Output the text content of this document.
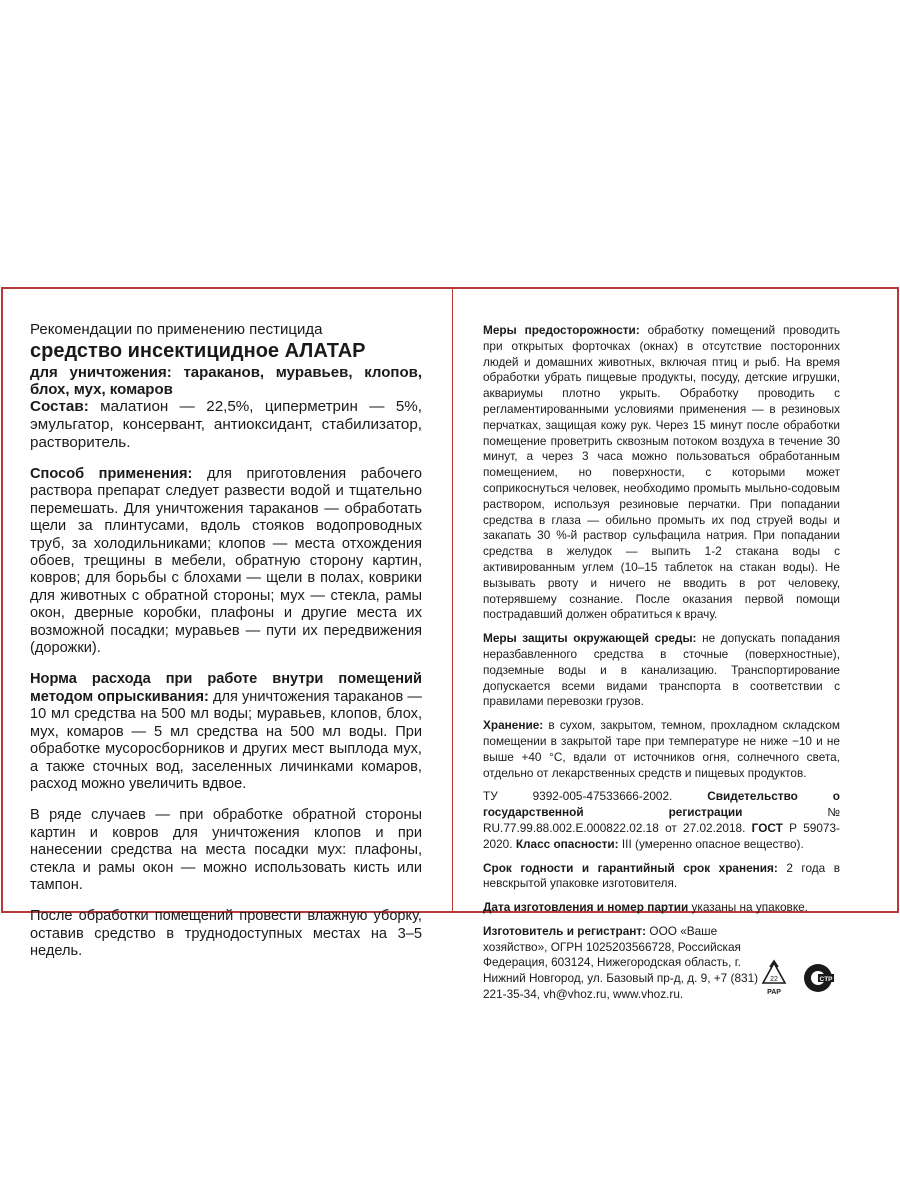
Рекомендации по применению пестицида

средство инсектицидное АЛАТАР

для уничтожения: тараканов, муравьев, клопов, блох, мух, комаров

Состав: малатион — 22,5%, циперметрин — 5%, эмульгатор, консервант, антиоксидант, стабилизатор, растворитель.

Способ применения: для приготовления рабочего раствора препарат следует развести водой и тщательно перемешать. Для уничтожения тараканов — обработать щели за плинтусами, вдоль стояков водопроводных труб, за холодильниками; клопов — места отхождения обоев, трещины в мебели, обратную сторону картин, ковров; для борьбы с блохами — щели в полах, коврики для животных с обратной стороны; мух — стекла, рамы окон, дверные коробки, плафоны и другие места их возможной посадки; муравьев — пути их передвижения (дорожки).

Норма расхода при работе внутри помещений методом опрыскивания: для уничтожения тараканов — 10 мл средства на 500 мл воды; муравьев, клопов, блох, мух, комаров — 5 мл средства на 500 мл воды. При обработке мусоросборников и других мест выплода мух, а также сточных вод, заселенных личинками комаров, расход можно увеличить вдвое.

В ряде случаев — при обработке обратной стороны картин и ковров для уничтожения клопов и при нанесении средства на места посадки мух: плафоны, стекла и рамы окон — можно использовать кисть или тампон.

После обработки помещений провести влажную уборку, оставив средство в труднодоступных местах на 3–5 недель.

Меры предосторожности: обработку помещений проводить при открытых форточках (окнах) в отсутствие посторонних людей и домашних животных, включая птиц и рыб. На время обработки убрать пищевые продукты, посуду, детские игрушки, аквариумы плотно укрыть. Обработку проводить с регламентированными условиями применения — в резиновых перчатках, защищая кожу рук. Через 15 минут после обработки помещение проветрить сквозным потоком воздуха в течение 30 минут, а через 3 часа можно пользоваться обработанным помещением, но поверхности, с которыми может соприкоснуться человек, необходимо промыть мыльно-содовым раствором, используя резиновые перчатки. При попадании средства в глаза — обильно промыть их под струей воды и закапать 30 %-й раствор сульфацила натрия. При попадании средства в желудок — выпить 1-2 стакана воды с активированным углем (10–15 таблеток на стакан воды). Не вызывать рвоту и ничего не вводить в рот человеку, потерявшему сознание. После оказания первой помощи пострадавший должен обратиться к врачу.

Меры защиты окружающей среды: не допускать попадания неразбавленного средства в сточные (поверхностные), подземные воды и в канализацию. Транспортирование допускается всеми видами транспорта в соответствии с правилами перевозки грузов.

Хранение: в сухом, закрытом, темном, прохладном складском помещении в закрытой таре при температуре не ниже −10 и не выше +40 °С, вдали от источников огня, солнечного света, отдельно от лекарственных средств и пищевых продуктов.

ТУ 9392-005-47533666-2002. Свидетельство о государственной регистрации № RU.77.99.88.002.Е.000822.02.18 от 27.02.2018. ГОСТ Р 59073-2020. Класс опасности: III (умеренно опасное вещество).

Срок годности и гарантийный срок хранения: 2 года в невскрытой упаковке изготовителя.

Дата изготовления и номер партии указаны на упаковке.

Изготовитель и регистрант: ООО «Ваше хозяйство», ОГРН 1025203566728, Российская Федерация, 603124, Нижегородская область, г. Нижний Новгород, ул. Базовый пр-д, д. 9, +7 (831) 221-35-34, vh@vhoz.ru, www.vhoz.ru.

22
PAP
CTP
